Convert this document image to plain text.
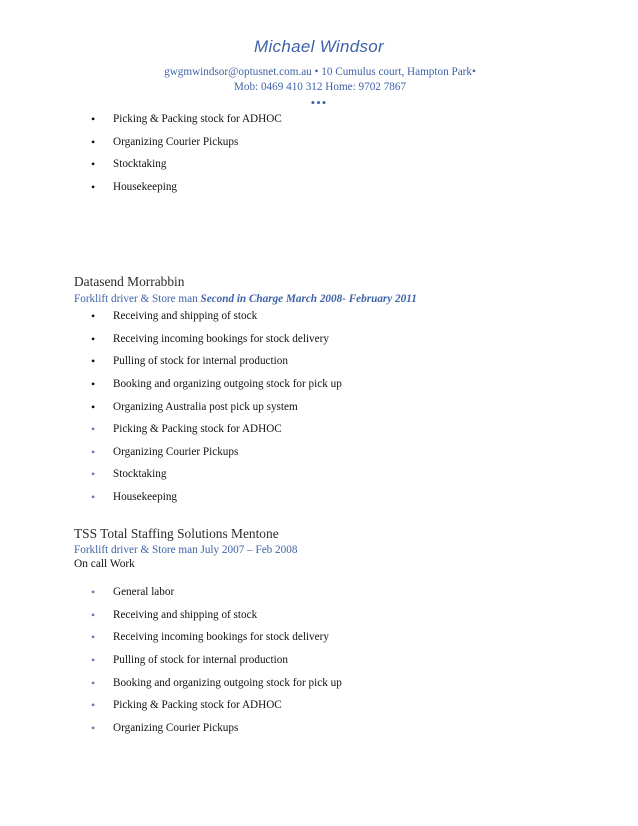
Michael Windsor
gwgmwindsor@optusnet.com.au • 10 Cumulus court, Hampton Park•
Mob: 0469 410 312 Home: 9702 7867
•••
• Picking & Packing stock for ADHOC
• Organizing Courier Pickups
• Stocktaking
• Housekeeping
Datasend Morrabbin
Forklift driver & Store man Second in Charge March 2008- February 2011
• Receiving and shipping of stock
• Receiving incoming bookings for stock delivery
• Pulling of stock for internal production
• Booking and organizing outgoing stock for pick up
• Organizing Australia post pick up system
• Picking & Packing stock for ADHOC
• Organizing Courier Pickups
• Stocktaking
• Housekeeping
TSS Total Staffing Solutions Mentone
Forklift driver & Store man July 2007 – Feb 2008
On call Work
• General labor
• Receiving and shipping of stock
• Receiving incoming bookings for stock delivery
• Pulling of stock for internal production
• Booking and organizing outgoing stock for pick up
• Picking & Packing stock for ADHOC
• Organizing Courier Pickups
